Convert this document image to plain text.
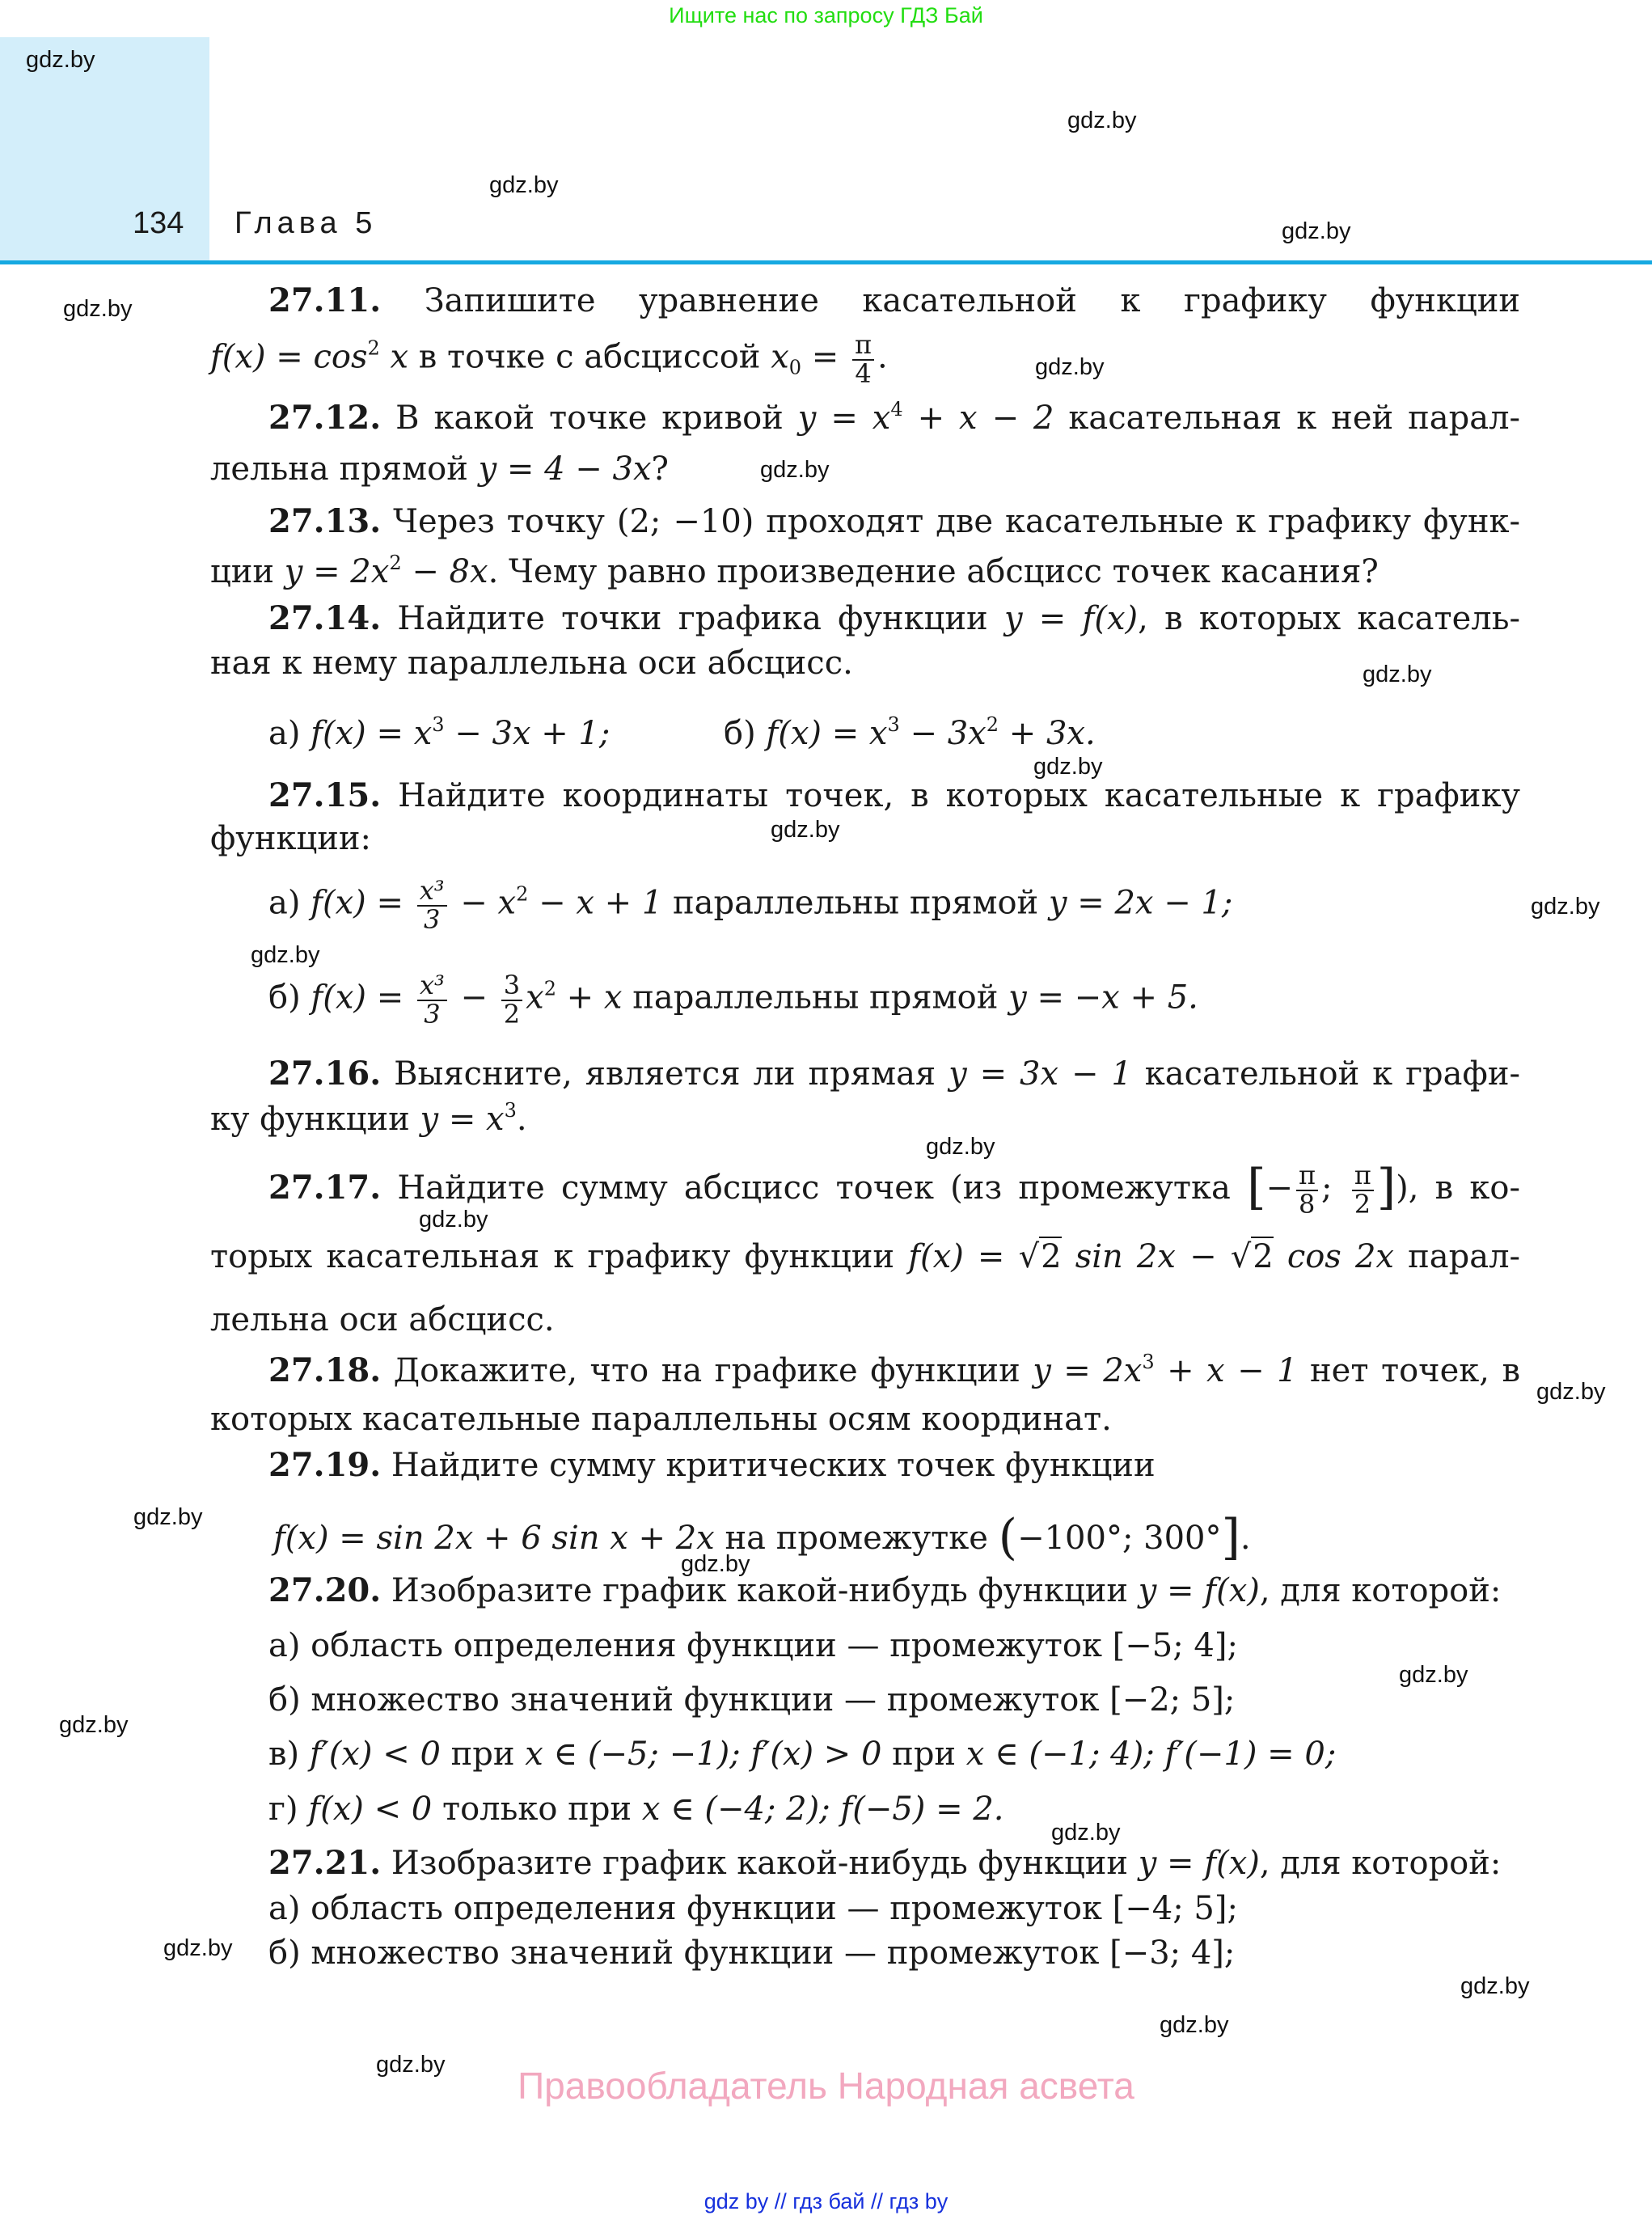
Ищите нас по запросу ГДЗ Бай
134 Глава 5
gdz.by
gdz.by
gdz.by
gdz.by
gdz.by
gdz.by
gdz.by
gdz.by
gdz.by
gdz.by
gdz.by
gdz.by
gdz.by
gdz.by
gdz.by
gdz.by
gdz.by
gdz.by
gdz.by
gdz.by
gdz.by
gdz.by
gdz.by
gdz.by
27.11. Запишите уравнение касательной к графику функции
$f(x) = \cos^2 x$ в точке с абсциссой $x_0 = \frac{\pi}{4}$ .
27.12. В какой точке кривой $y = x^4 + x - 2$ касательная к ней парал-
лельна прямой y = 4 − 3x?
27.13. Через точку (2; −10) проходят две касательные к графику функ-
ции $y = 2x^2 - 8x$. Чему равно произведение абсцисс точек касания?
27.14. Найдите точки графика функции y = f(x), в которых касатель-
ная к нему параллельна оси абсцисс.
а) $f(x) = x^3 - 3x + 1$;	б) $f(x) = x^3 - 3x^2 + 3x$.
27.15. Найдите координаты точек, в которых касательные к графику
функции:
а) $f(x) = \frac{\text{x³}}{3} - x^2 - x + 1$ параллельны прямой y = 2x − 1;
б) $f(x) = \frac{\text{x³}}{3} - \frac{3}{2} x^2 + x$ параллельны прямой y = −x + 5.
27.16. Выясните, является ли прямая y = 3x − 1 касательной к графи-
ку функции $y = x^3$.
27.17. Найдите сумму абсцисс точек (из промежутка [− $\frac{\pi}{8}$ ; $\frac{\pi}{2}$ ]), в ко-
торых касательная к графику функции f(x) = √2 sin 2x − √2 cos 2x парал-
лельна оси абсцисс.
27.18. Докажите, что на графике функции $y = 2x^3 + x - 1$ нет точек, в
которых касательные параллельны осям координат.
27.19. Найдите сумму критических точек функции
f(x) = sin 2x + 6 sin x + 2x на промежутке (−100°; 300°].
27.20. Изобразите график какой-нибудь функции y = f(x), для которой:
а) область определения функции — промежуток [−5; 4];
б) множество значений функции — промежуток [−2; 5];
в) f′(x) < 0 при x ∈ (−5; −1); f′(x) > 0 при x ∈ (−1; 4); f′(−1) = 0;
г) f(x) < 0 только при x ∈ (−4; 2); f(−5) = 2.
27.21. Изобразите график какой-нибудь функции y = f(x), для которой:
а) область определения функции — промежуток [−4; 5];
б) множество значений функции — промежуток [−3; 4];
Правообладатель Народная асвета
gdz by // гдз бай // гдз by
